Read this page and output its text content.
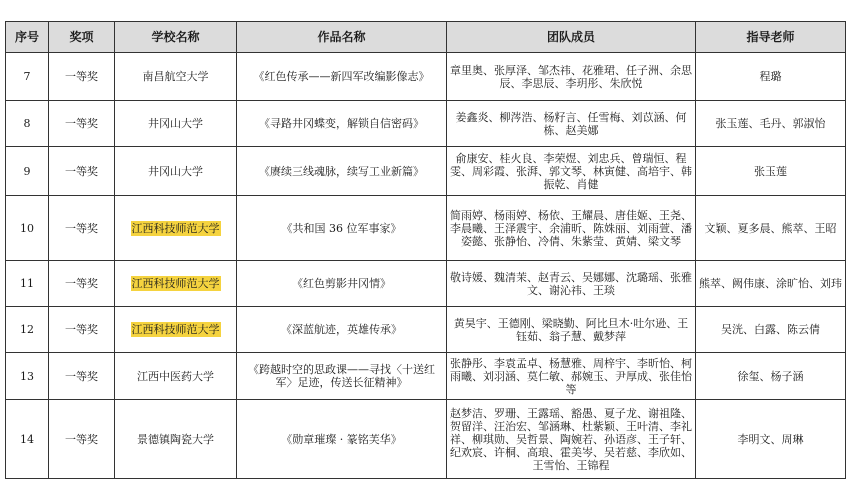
序号	奖项	学校名称	作品名称	团队成员	指导老师
7	一等奖	南昌航空大学	《红色传承——新四军改编影像志》	章里奥、张厚泽、邹杰祎、花雅珺、任子洲、余思辰、李思辰、李玥彤、朱欣悦	程璐
8	一等奖	井冈山大学	《寻路井冈蝶变，解锁自信密码》	姜鑫炎、柳涔浩、杨籽言、任雪梅、刘苡涵、何栋、赵美娜	张玉莲、毛丹、郭淑怡
9	一等奖	井冈山大学	《赓续三线魂脉，续写工业新篇》	俞康安、桂火良、李荣煜、刘忠兵、曾瑞恒、程雯、周彩霞、张湃、郭文琴、林寅健、高培宇、韩振乾、肖健	张玉莲
10	一等奖	江西科技师范大学	《共和国 36 位军事家》	简雨婷、杨雨婷、杨依、王耀晨、唐佳姬、王尧、李晨曦、王泽震宇、余浦昕、陈姝丽、刘雨萱、潘姿懿、张静怡、冷倩、朱紫莹、黄婧、梁文琴	文颖、夏多晨、熊萃、王昭
11	一等奖	江西科技师范大学	《红色剪影井冈情》	敬诗媛、魏清茉、赵青云、吴娜娜、沈璐瑶、张雅文、谢沁祎、王琰	熊萃、阙伟康、涂旷怡、刘玮
12	一等奖	江西科技师范大学	《深蓝航迹，英雄传承》	黄昊宇、王德刚、梁晓勤、阿比旦木·吐尔逊、王钰茹、翁子慧、戴梦萍	吴洸、白露、陈云倩
13	一等奖	江西中医药大学	《跨越时空的思政课——寻找〈十送红军〉足迹，传送长征精神》	张静彤、李袁孟卓、杨慧雅、周梓宇、李昕怡、柯雨曦、刘羽涵、莫仁敏、郝婉玉、尹厚成、张佳怡等	徐玺、杨子涵
14	一等奖	景德镇陶瓷大学	《勋章璀璨 · 篆铭芙华》	赵梦洁、罗珊、王露瑶、豁愚、夏子龙、谢祖隆、贺留洋、汪治宏、邹涵琳、杜紫颖、王叶清、李礼祥、柳琪勋、吴哲景、陶婉若、孙语彦、王子轩、纪欢宸、许桐、高琅、霍美岑、吴若慈、李欣如、王雪怡、王锦程	李明文、周琳
